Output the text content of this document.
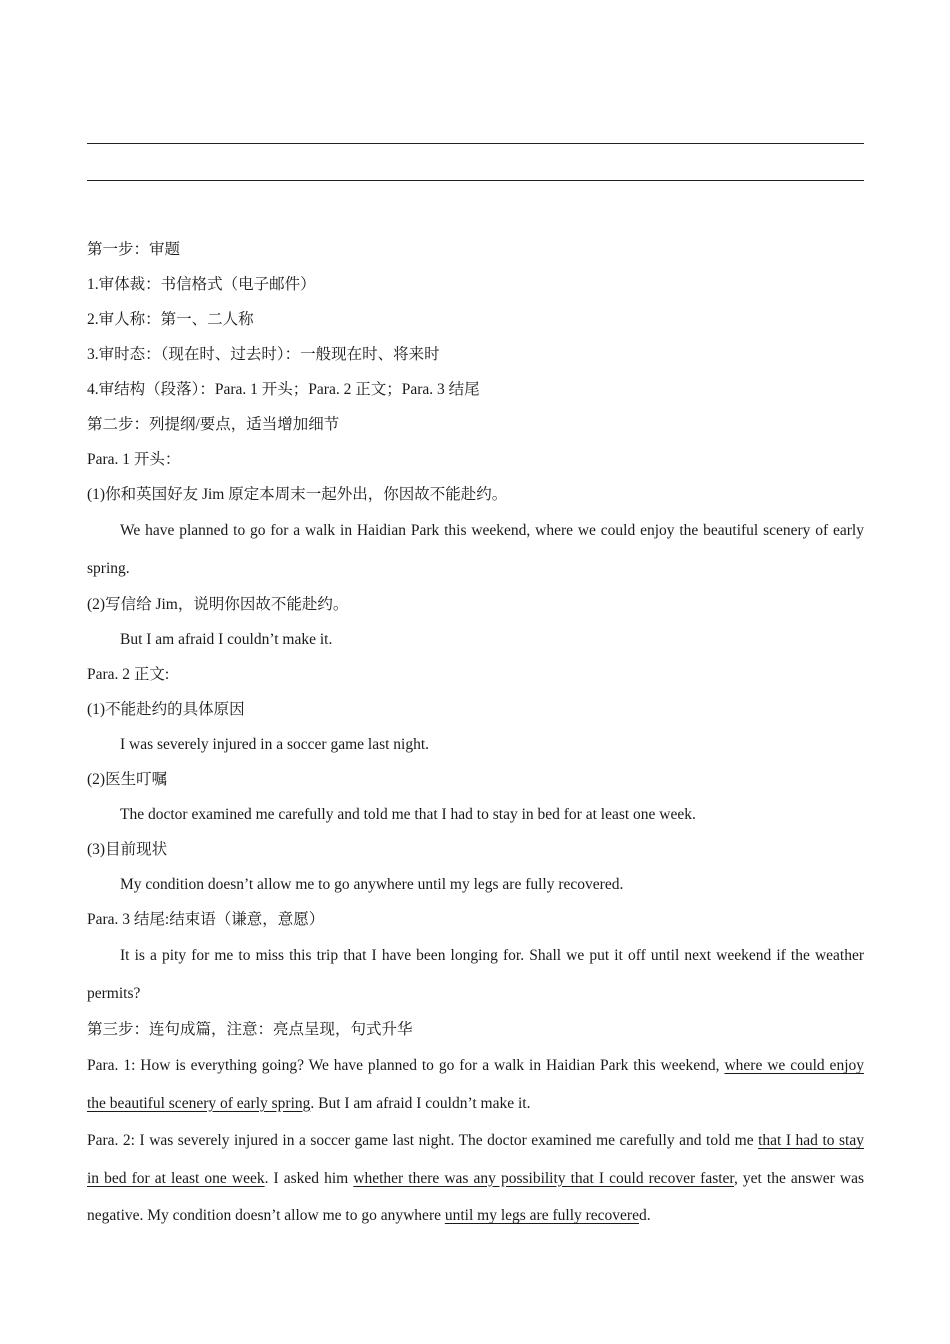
第一步：审题

1.审体裁：书信格式（电子邮件）

2.审人称：第一、二人称

3.审时态：（现在时、过去时）：一般现在时、将来时

4.审结构（段落）：Para. 1 开头；Para. 2 正文；Para. 3 结尾

第二步：列提纲/要点，适当增加细节

Para. 1 开头：

(1)你和英国好友 Jim 原定本周末一起外出，你因故不能赴约。

We have planned to go for a walk in Haidian Park this weekend, where we could enjoy the beautiful scenery of early spring.

(2)写信给 Jim，说明你因故不能赴约。

But I am afraid I couldn’t make it.

Para. 2 正文:

(1)不能赴约的具体原因

I was severely injured in a soccer game last night.

(2)医生叮嘱

The doctor examined me carefully and told me that I had to stay in bed for at least one week.

(3)目前现状

My condition doesn’t allow me to go anywhere until my legs are fully recovered.

Para. 3 结尾:结束语（谦意，意愿）

It is a pity for me to miss this trip that I have been longing for. Shall we put it off until next weekend if the weather permits?

第三步：连句成篇，注意：亮点呈现，句式升华

Para. 1: How is everything going? We have planned to go for a walk in Haidian Park this weekend, where we could enjoy the beautiful scenery of early spring. But I am afraid I couldn’t make it.

Para. 2: I was severely injured in a soccer game last night. The doctor examined me carefully and told me that I had to stay in bed for at least one week. I asked him whether there was any possibility that I could recover faster, yet the answer was negative. My condition doesn’t allow me to go anywhere until my legs are fully recovered.
